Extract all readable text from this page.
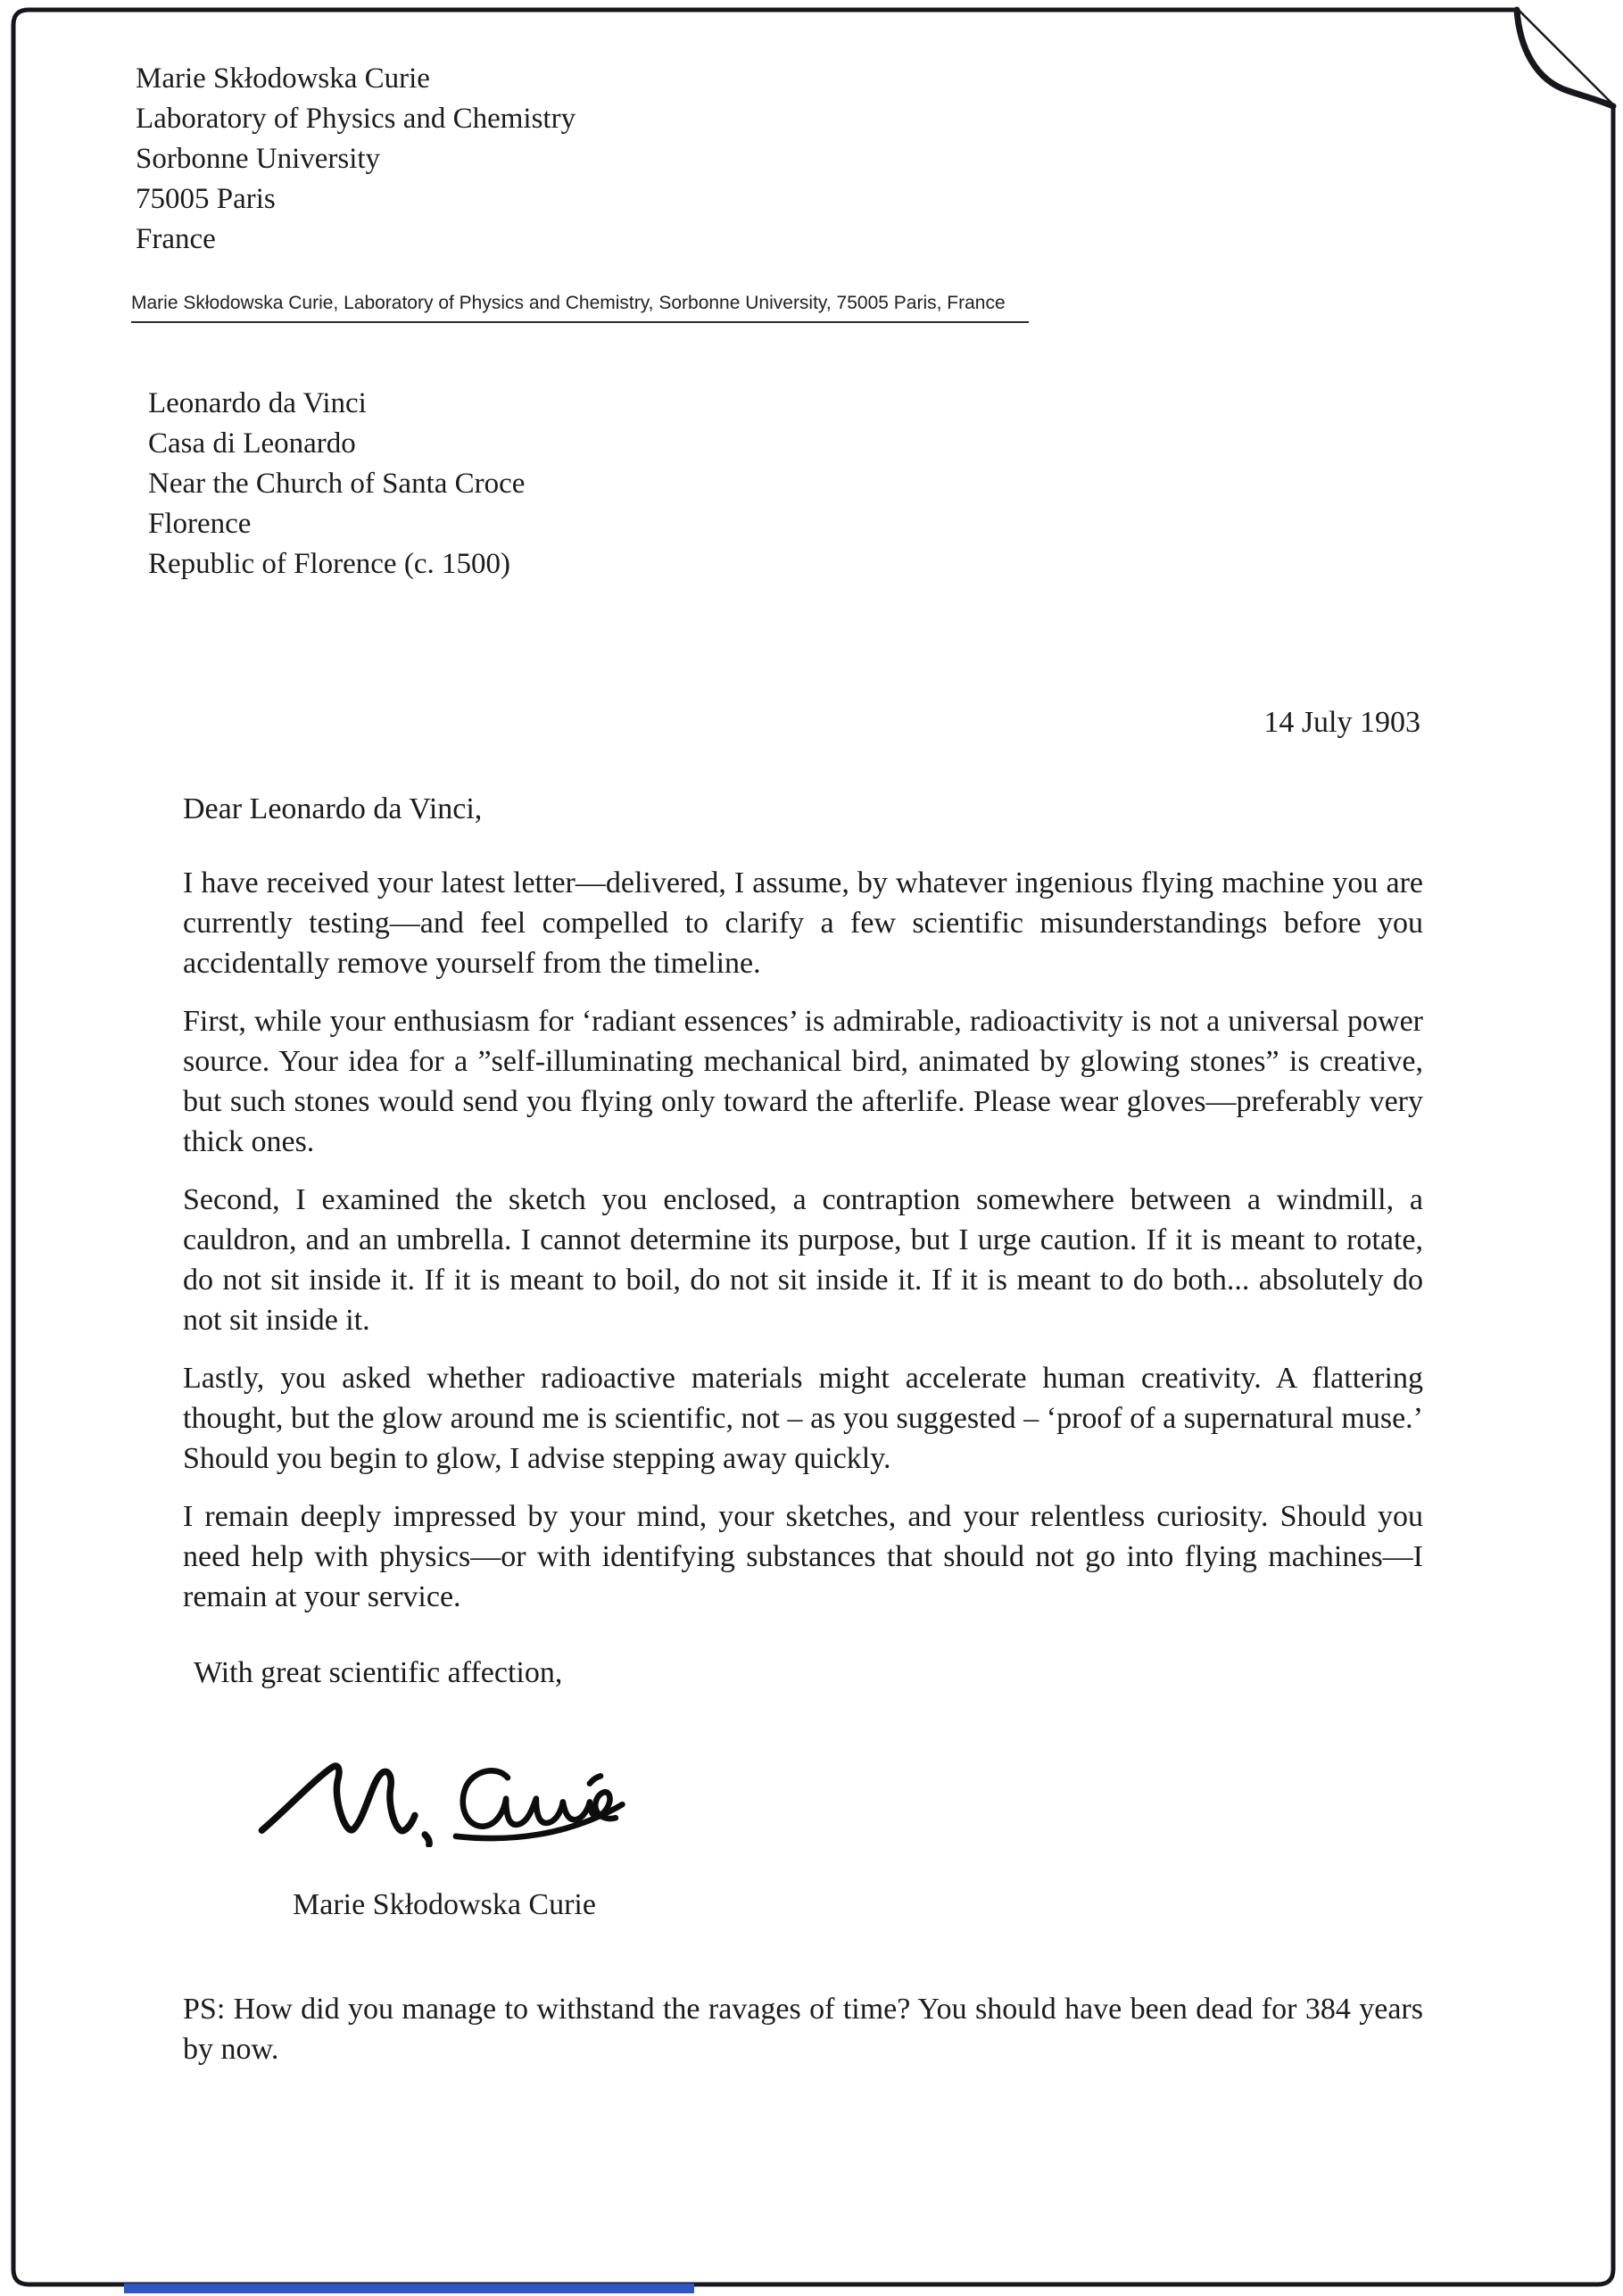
Marie Skłodowska Curie
Laboratory of Physics and Chemistry
Sorbonne University
75005 Paris
France
Marie Skłodowska Curie, Laboratory of Physics and Chemistry, Sorbonne University, 75005 Paris, France
Leonardo da Vinci
Casa di Leonardo
Near the Church of Santa Croce
Florence
Republic of Florence (c. 1500)
14 July 1903
Dear Leonardo da Vinci,

I have received your latest letter—delivered, I assume, by whatever ingenious flying machine you are currently testing—and feel compelled to clarify a few scientific misunderstandings before you accidentally remove yourself from the timeline.

First, while your enthusiasm for ‘radiant essences’ is admirable, radioactivity is not a universal power source. Your idea for a ”self-illuminating mechanical bird, animated by glowing stones” is creative, but such stones would send you flying only toward the afterlife. Please wear gloves—preferably very thick ones.

Second, I examined the sketch you enclosed, a contraption somewhere between a windmill, a cauldron, and an umbrella. I cannot determine its purpose, but I urge caution. If it is meant to rotate, do not sit inside it. If it is meant to boil, do not sit inside it. If it is meant to do both... absolutely do not sit inside it.

Lastly, you asked whether radioactive materials might accelerate human creativity. A flattering thought, but the glow around me is scientific, not – as you suggested – ‘proof of a supernatural muse.’ Should you begin to glow, I advise stepping away quickly.

I remain deeply impressed by your mind, your sketches, and your relentless curiosity. Should you need help with physics—or with identifying substances that should not go into flying machines—I remain at your service.

With great scientific affection,
Marie Skłodowska Curie

PS: How did you manage to withstand the ravages of time? You should have been dead for 384 years by now.
